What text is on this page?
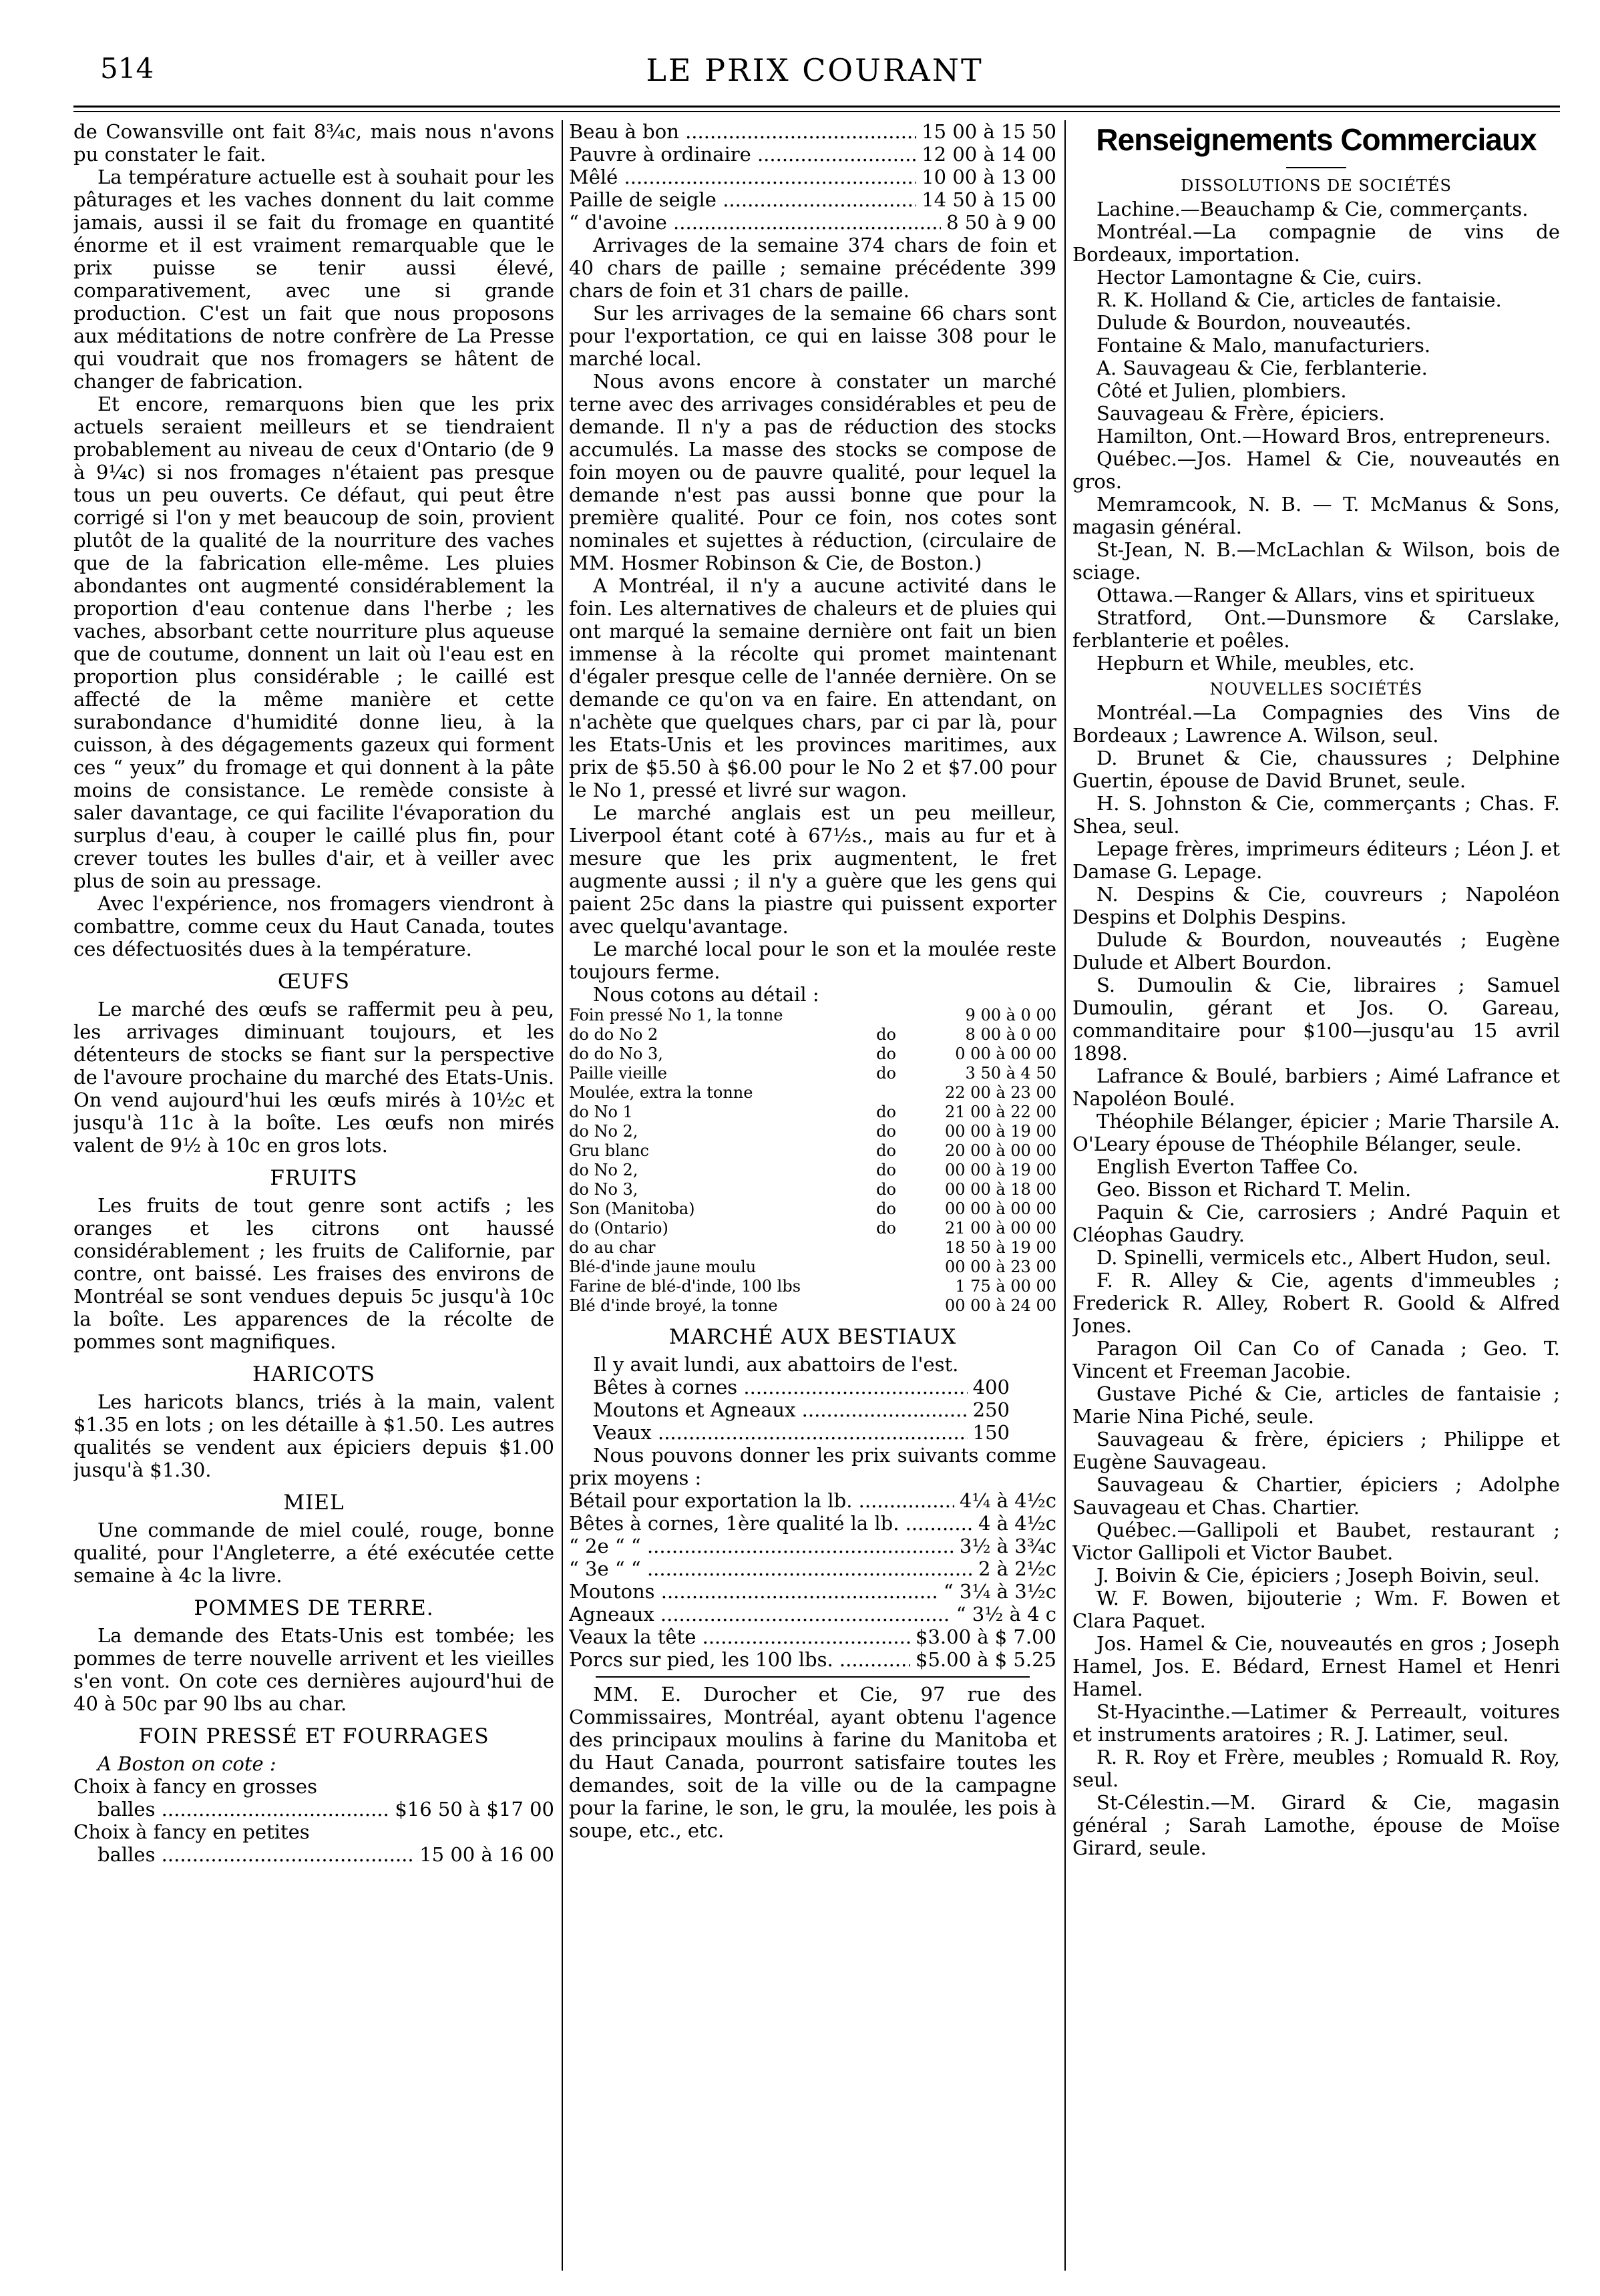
514	LE PRIX COURANT

de Cowansville ont fait 8¾c, mais nous n'avons pu constater le fait.

La température actuelle est à souhait pour les pâturages et les vaches donnent du lait comme jamais, aussi il se fait du fromage en quantité énorme et il est vraiment remarquable que le prix puisse se tenir aussi élevé, comparativement, avec une si grande production. C'est un fait que nous proposons aux méditations de notre confrère de La Presse qui voudrait que nos fromagers se hâtent de changer de fabrication.

Et encore, remarquons bien que les prix actuels seraient meilleurs et se tiendraient probablement au niveau de ceux d'Ontario (de 9 à 9¼c) si nos fromages n'étaient pas presque tous un peu ouverts. Ce défaut, qui peut être corrigé si l'on y met beaucoup de soin, provient plutôt de la qualité de la nourriture des vaches que de la fabrication elle-même. Les pluies abondantes ont augmenté considérablement la proportion d'eau contenue dans l'herbe ; les vaches, absorbant cette nourriture plus aqueuse que de coutume, donnent un lait où l'eau est en proportion plus considérable ; le caillé est affecté de la même manière et cette surabondance d'humidité donne lieu, à la cuisson, à des dégagements gazeux qui forment ces “ yeux” du fromage et qui donnent à la pâte moins de consistance. Le remède consiste à saler davantage, ce qui facilite l'évaporation du surplus d'eau, à couper le caillé plus fin, pour crever toutes les bulles d'air, et à veiller avec plus de soin au pressage.

Avec l'expérience, nos fromagers viendront à combattre, comme ceux du Haut Canada, toutes ces défectuosités dues à la température.

ŒUFS

Le marché des œufs se raffermit peu à peu, les arrivages diminuant toujours, et les détenteurs de stocks se fiant sur la perspective de l'avoure prochaine du marché des Etats-Unis. On vend aujourd'hui les œufs mirés à 10½c et jusqu'à 11c à la boîte. Les œufs non mirés valent de 9½ à 10c en gros lots.

FRUITS

Les fruits de tout genre sont actifs ; les oranges et les citrons ont haussé considérablement ; les fruits de Californie, par contre, ont baissé. Les fraises des environs de Montréal se sont vendues depuis 5c jusqu'à 10c la boîte. Les apparences de la récolte de pommes sont magnifiques.

HARICOTS

Les haricots blancs, triés à la main, valent $1.35 en lots ; on les détaille à $1.50. Les autres qualités se vendent aux épiciers depuis $1.00 jusqu'à $1.30.

MIEL

Une commande de miel coulé, rouge, bonne qualité, pour l'Angleterre, a été exécutée cette semaine à 4c la livre.

POMMES DE TERRE.

La demande des Etats-Unis est tombée; les pommes de terre nouvelle arrivent et les vieilles s'en vont. On cote ces dernières aujourd'hui de 40 à 50c par 90 lbs au char.

FOIN PRESSÉ ET FOURRAGES

A Boston on cote :

Choix à fancy en grosses

balles .....	$16 50 à $17 00

Choix à fancy en petites

balles .....	15 00 à 16 00
Beau à bon .....	15 00 à 15 50
Pauvre à ordinaire .....	12 00 à 14 00
Mêlé .....	10 00 à 13 00
Paille de seigle .....	14 50 à 15 00
“ d'avoine .....	8 50 à 9 00

Arrivages de la semaine 374 chars de foin et 40 chars de paille ; semaine précédente 399 chars de foin et 31 chars de paille.

Sur les arrivages de la semaine 66 chars sont pour l'exportation, ce qui en laisse 308 pour le marché local.

Nous avons encore à constater un marché terne avec des arrivages considérables et peu de demande. Il n'y a pas de réduction des stocks accumulés. La masse des stocks se compose de foin moyen ou de pauvre qualité, pour lequel la demande n'est pas aussi bonne que pour la première qualité. Pour ce foin, nos cotes sont nominales et sujettes à réduction, (circulaire de MM. Hosmer Robinson & Cie, de Boston.)

A Montréal, il n'y a aucune activité dans le foin. Les alternatives de chaleurs et de pluies qui ont marqué la semaine dernière ont fait un bien immense à la récolte qui promet maintenant d'égaler presque celle de l'année dernière. On se demande ce qu'on va en faire. En attendant, on n'achète que quelques chars, par ci par là, pour les Etats-Unis et les provinces maritimes, aux prix de $5.50 à $6.00 pour le No 2 et $7.00 pour le No 1, pressé et livré sur wagon.

Le marché anglais est un peu meilleur, Liverpool étant coté à 67½s., mais au fur et à mesure que les prix augmentent, le fret augmente aussi ; il n'y a guère que les gens qui paient 25c dans la piastre qui puissent exporter avec quelqu'avantage.

Le marché local pour le son et la moulée reste toujours ferme.

Nous cotons au détail :

Foin pressé No 1, la tonne		9 00 à 0 00
do do No 2	do	8 00 à 0 00
do do No 3,	do	0 00 à 00 00
Paille vieille	do	3 50 à 4 50
Moulée, extra la tonne		22 00 à 23 00
do No 1	do	21 00 à 22 00
do No 2,	do	00 00 à 19 00
Gru blanc	do	20 00 à 00 00
do No 2,	do	00 00 à 19 00
do No 3,	do	00 00 à 18 00
Son (Manitoba)	do	00 00 à 00 00
do (Ontario)	do	21 00 à 00 00
do au char		18 50 à 19 00
Blé-d'inde jaune moulu		00 00 à 23 00
Farine de blé-d'inde, 100 lbs		1 75 à 00 00
Blé d'inde broyé, la tonne		00 00 à 24 00
MARCHÉ AUX BESTIAUX

Il y avait lundi, aux abattoirs de l'est.

Bêtes à cornes .....	400
Moutons et Agneaux .....	250
Veaux .....	150

Nous pouvons donner les prix suivants comme prix moyens :

Bétail pour exportation la lb. .....	4¼ à 4½c
Bêtes à cornes, 1ère qualité la lb. .....	4 à 4½c
“ 2e “ “ .....	3½ à 3¾c
“ 3e “ “ .....	2 à 2½c
Moutons .....	“ 3¼ à 3½c
Agneaux .....	“ 3½ à 4 c
Veaux la tête .....	$3.00 à $ 7.00
Porcs sur pied, les 100 lbs. .....	$5.00 à $ 5.25

MM. E. Durocher et Cie, 97 rue des Commissaires, Montréal, ayant obtenu l'agence des principaux moulins à farine du Manitoba et du Haut Canada, pourront satisfaire toutes les demandes, soit de la ville ou de la campagne pour la farine, le son, le gru, la moulée, les pois à soupe, etc., etc.

Renseignements Commerciaux
DISSOLUTIONS DE SOCIÉTÉS

Lachine.—Beauchamp & Cie, commerçants.

Montréal.—La compagnie de vins de Bordeaux, importation.

Hector Lamontagne & Cie, cuirs.

R. K. Holland & Cie, articles de fantaisie.

Dulude & Bourdon, nouveautés.

Fontaine & Malo, manufacturiers.

A. Sauvageau & Cie, ferblanterie.

Côté et Julien, plombiers.

Sauvageau & Frère, épiciers.

Hamilton, Ont.—Howard Bros, entrepreneurs.

Québec.—Jos. Hamel & Cie, nouveautés en gros.

Memramcook, N. B. — T. McManus & Sons, magasin général.

St-Jean, N. B.—McLachlan & Wilson, bois de sciage.

Ottawa.—Ranger & Allars, vins et spiritueux

Stratford, Ont.—Dunsmore & Carslake, ferblanterie et poêles.

Hepburn et While, meubles, etc.

NOUVELLES SOCIÉTÉS

Montréal.—La Compagnies des Vins de Bordeaux ; Lawrence A. Wilson, seul.

D. Brunet & Cie, chaussures ; Delphine Guertin, épouse de David Brunet, seule.

H. S. Johnston & Cie, commerçants ; Chas. F. Shea, seul.

Lepage frères, imprimeurs éditeurs ; Léon J. et Damase G. Lepage.

N. Despins & Cie, couvreurs ; Napoléon Despins et Dolphis Despins.

Dulude & Bourdon, nouveautés ; Eugène Dulude et Albert Bourdon.

S. Dumoulin & Cie, libraires ; Samuel Dumoulin, gérant et Jos. O. Gareau, commanditaire pour $100—jusqu'au 15 avril 1898.

Lafrance & Boulé, barbiers ; Aimé Lafrance et Napoléon Boulé.

Théophile Bélanger, épicier ; Marie Tharsile A. O'Leary épouse de Théophile Bélanger, seule.

English Everton Taffee Co.

Geo. Bisson et Richard T. Melin.

Paquin & Cie, carrosiers ; André Paquin et Cléophas Gaudry.

D. Spinelli, vermicels etc., Albert Hudon, seul.

F. R. Alley & Cie, agents d'immeubles ; Frederick R. Alley, Robert R. Goold & Alfred Jones.

Paragon Oil Can Co of Canada ; Geo. T. Vincent et Freeman Jacobie.

Gustave Piché & Cie, articles de fantaisie ; Marie Nina Piché, seule.

Sauvageau & frère, épiciers ; Philippe et Eugène Sauvageau.

Sauvageau & Chartier, épiciers ; Adolphe Sauvageau et Chas. Chartier.

Québec.—Gallipoli et Baubet, restaurant ; Victor Gallipoli et Victor Baubet.

J. Boivin & Cie, épiciers ; Joseph Boivin, seul.

W. F. Bowen, bijouterie ; Wm. F. Bowen et Clara Paquet.

Jos. Hamel & Cie, nouveautés en gros ; Joseph Hamel, Jos. E. Bédard, Ernest Hamel et Henri Hamel.

St-Hyacinthe.—Latimer & Perreault, voitures et instruments aratoires ; R. J. Latimer, seul.

R. R. Roy et Frère, meubles ; Romuald R. Roy, seul.

St-Célestin.—M. Girard & Cie, magasin général ; Sarah Lamothe, épouse de Moïse Girard, seule.
